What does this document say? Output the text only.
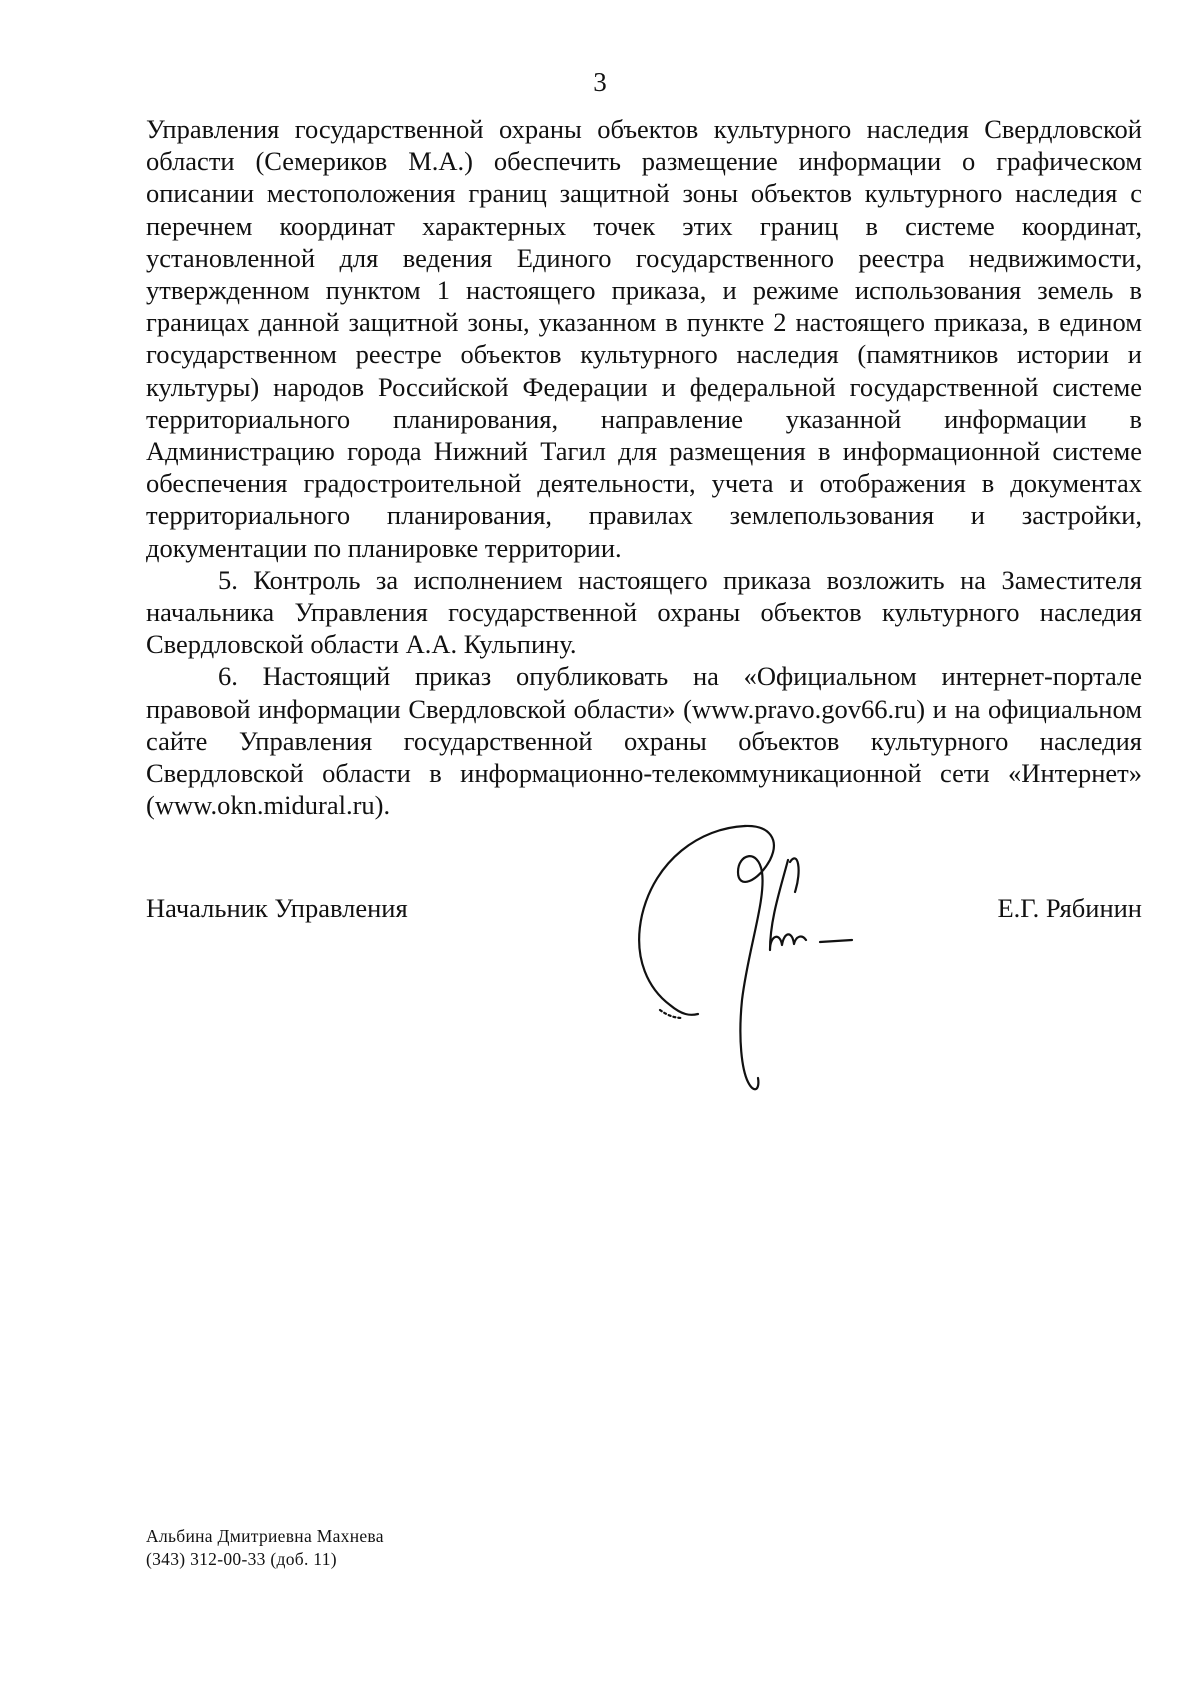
3

Управления государственной охраны объектов культурного наследия Свердловской области (Семериков М.А.) обеспечить размещение информации о графическом описании местоположения границ защитной зоны объектов культурного наследия с перечнем координат характерных точек этих границ в системе координат, установленной для ведения Единого государственного реестра недвижимости, утвержденном пунктом 1 настоящего приказа, и режиме использования земель в границах данной защитной зоны, указанном в пункте 2 настоящего приказа, в едином государственном реестре объектов культурного наследия (памятников истории и культуры) народов Российской Федерации и федеральной государственной системе территориального планирования, направление указанной информации в Администрацию города Нижний Тагил для размещения в информационной системе обеспечения градостроительной деятельности, учета и отображения в документах территориального планирования, правилах землепользования и застройки, документации по планировке территории.

5. Контроль за исполнением настоящего приказа возложить на Заместителя начальника Управления государственной охраны объектов культурного наследия Свердловской области А.А. Кульпину.

6. Настоящий приказ опубликовать на «Официальном интернет-портале правовой информации Свердловской области» (www.pravo.gov66.ru) и на официальном сайте Управления государственной охраны объектов культурного наследия Свердловской области в информационно-телекоммуникационной сети «Интернет» (www.okn.midural.ru).

Начальник Управления	Е.Г. Рябинин
Альбина Дмитриевна Махнева
(343) 312-00-33 (доб. 11)
